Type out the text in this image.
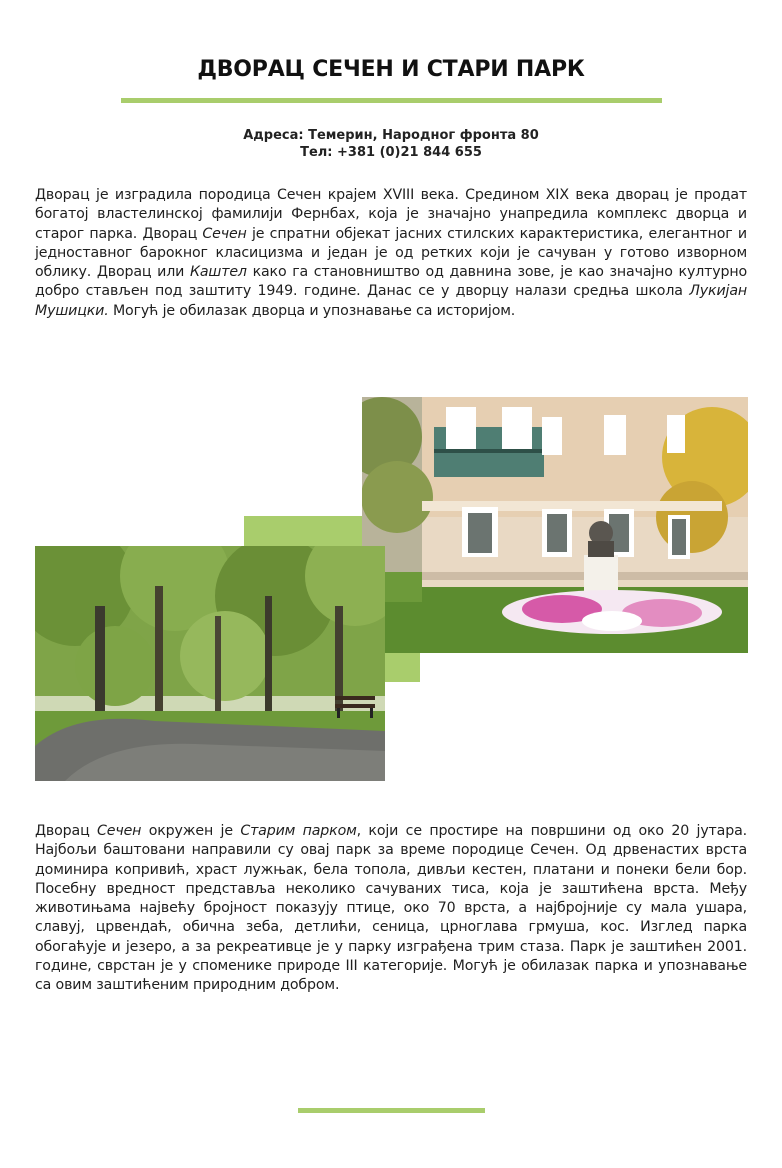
ДВОРАЦ СЕЧЕН И СТАРИ ПАРК
Адреса: Темерин, Народног фронта 80
Тел: +381 (0)21 844 655

Дворац је изградила породица Сечен крајем XVIII века. Средином XIX века дворац је продат богатој властелинској фамилији Фернбах, која је значајно унапредила комплекс дворца и старог парка. Дворац Сечен је спратни објекат јасних стилских карактеристика, елегантног и једноставног барокног класицизма и један је од ретких који је сачуван у готово изворном облику. Дворац или Каштел како га становништво од давнина зове, је као значајно културно добро стављен под заштиту 1949. године. Данас се у дворцу налази средња школа Лукијан Мушицки. Могућ је обилазак дворца и упознавање са историјом.

Дворац Сечен окружен је Старим парком, који се простире на површини од око 20 јутара. Најбољи баштовани направили су овај парк за време породице Сечен. Од дрвенастих врста доминира копривић, храст лужњак, бела топола, дивљи кестен, платани и понеки бели бор. Посебну вредност представља неколико сачуваних тиса, која је заштићена врста. Међу животињама највећу бројност показују птице, око 70 врста, а најбројније су мала ушара, славуј, црвендаћ, обична зеба, детлићи, сеница, црноглава грмуша, кос. Изглед парка обогаћује и језеро, а за рекреативце је у парку изграђена трим стаза. Парк је заштићен 2001. године, сврстан је у споменике природе III категорије. Могућ је обилазак парка и упознавање са овим заштићеним природним добром.
